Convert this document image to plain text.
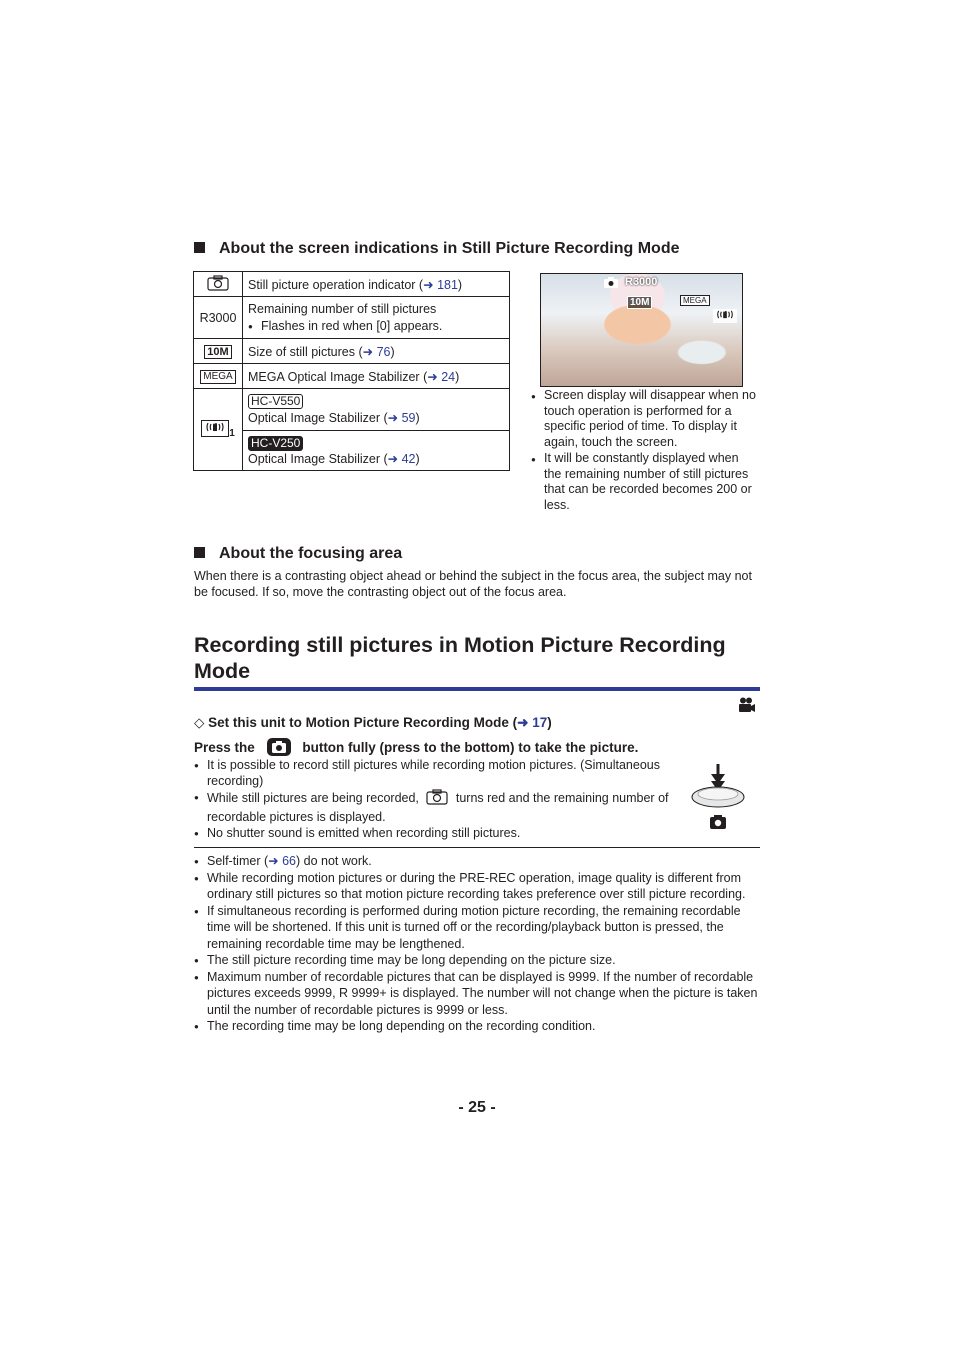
About the screen indications in Still Picture Recording Mode
	Still picture operation indicator (➜ 181)
R3000	Remaining number of still pictures
● Flashes in red when [0] appears.

10M	Size of still pictures (➜ 76)
MEGA	MEGA Optical Image Stabilizer (➜ 24)
$_1$	HC-V550
Optical Image Stabilizer (➜ 59)
	HC-V250
Optical Image Stabilizer (➜ 42)
R3000
10M	MEGA
● Screen display will disappear when no touch operation is performed for a specific period of time. To display it again, touch the screen.
● It will be constantly displayed when the remaining number of still pictures that can be recorded becomes 200 or less.
About the focusing area
When there is a contrasting object ahead or behind the subject in the focus area, the subject may not be focused. If so, move the contrasting object out of the focus area.
Recording still pictures in Motion Picture Recording
Mode
◇ Set this unit to Motion Picture Recording Mode (➜ 17)
Press the	button fully (press to the bottom) to take the picture.
● It is possible to record still pictures while recording motion pictures. (Simultaneous recording)
● While still pictures are being recorded,	turns red and the remaining number of recordable pictures is displayed.
● No shutter sound is emitted when recording still pictures.
● Self-timer (➜ 66) do not work.
● While recording motion pictures or during the PRE-REC operation, image quality is different from ordinary still pictures so that motion picture recording takes preference over still picture recording.
● If simultaneous recording is performed during motion picture recording, the remaining recordable time will be shortened. If this unit is turned off or the recording/playback button is pressed, the remaining recordable time may be lengthened.
● The still picture recording time may be long depending on the picture size.
● Maximum number of recordable pictures that can be displayed is 9999. If the number of recordable pictures exceeds 9999, R 9999+ is displayed. The number will not change when the picture is taken until the number of recordable pictures is 9999 or less.
● The recording time may be long depending on the recording condition.
- 25 -
